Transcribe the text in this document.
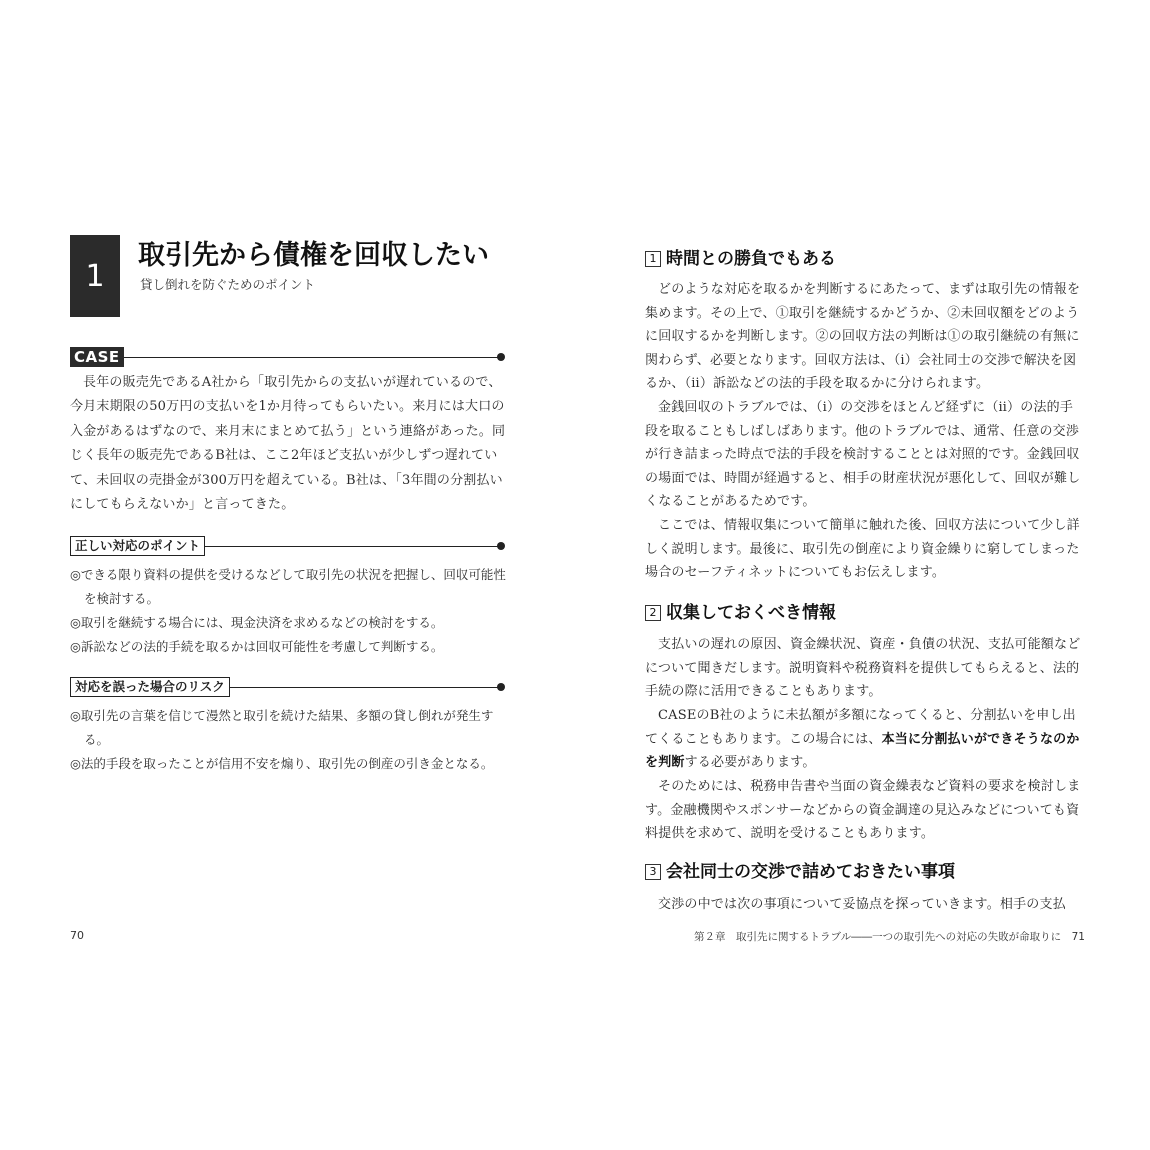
1
取引先から債権を回収したい
貸し倒れを防ぐためのポイント
CASE

長年の販売先であるA社から「取引先からの支払いが遅れているので、今月末期限の50万円の支払いを1か月待ってもらいたい。来月には大口の入金があるはずなので、来月末にまとめて払う」という連絡があった。同じく長年の販売先であるB社は、ここ2年ほど支払いが少しずつ遅れていて、未回収の売掛金が300万円を超えている。B社は、「3年間の分割払いにしてもらえないか」と言ってきた。

正しい対応のポイント
◎できる限り資料の提供を受けるなどして取引先の状況を把握し、回収可能性を検討する。
◎取引を継続する場合には、現金決済を求めるなどの検討をする。
◎訴訟などの法的手続を取るかは回収可能性を考慮して判断する。
対応を誤った場合のリスク
◎取引先の言葉を信じて漫然と取引を続けた結果、多額の貸し倒れが発生する。
◎法的手段を取ったことが信用不安を煽り、取引先の倒産の引き金となる。
70
1 時間との勝負でもある

どのような対応を取るかを判断するにあたって、まずは取引先の情報を集めます。その上で、①取引を継続するかどうか、②未回収額をどのように回収するかを判断します。②の回収方法の判断は①の取引継続の有無に関わらず、必要となります。回収方法は、（ⅰ）会社同士の交渉で解決を図るか、（ⅱ）訴訟などの法的手段を取るかに分けられます。

金銭回収のトラブルでは、（ⅰ）の交渉をほとんど経ずに（ⅱ）の法的手段を取ることもしばしばあります。他のトラブルでは、通常、任意の交渉が行き詰まった時点で法的手段を検討することとは対照的です。金銭回収の場面では、時間が経過すると、相手の財産状況が悪化して、回収が難しくなることがあるためです。

ここでは、情報収集について簡単に触れた後、回収方法について少し詳しく説明します。最後に、取引先の倒産により資金繰りに窮してしまった場合のセーフティネットについてもお伝えします。

2 収集しておくべき情報

支払いの遅れの原因、資金繰状況、資産・負債の状況、支払可能額などについて聞きだします。説明資料や税務資料を提供してもらえると、法的手続の際に活用できることもあります。

CASEのB社のように未払額が多額になってくると、分割払いを申し出てくることもあります。この場合には、本当に分割払いができそうなのかを判断する必要があります。

そのためには、税務申告書や当面の資金繰表など資料の要求を検討します。金融機関やスポンサーなどからの資金調達の見込みなどについても資料提供を求めて、説明を受けることもあります。

3 会社同士の交渉で詰めておきたい事項

交渉の中では次の事項について妥協点を探っていきます。相手の支払

第２章　取引先に関するトラブル――一つの取引先への対応の失敗が命取りに　71
